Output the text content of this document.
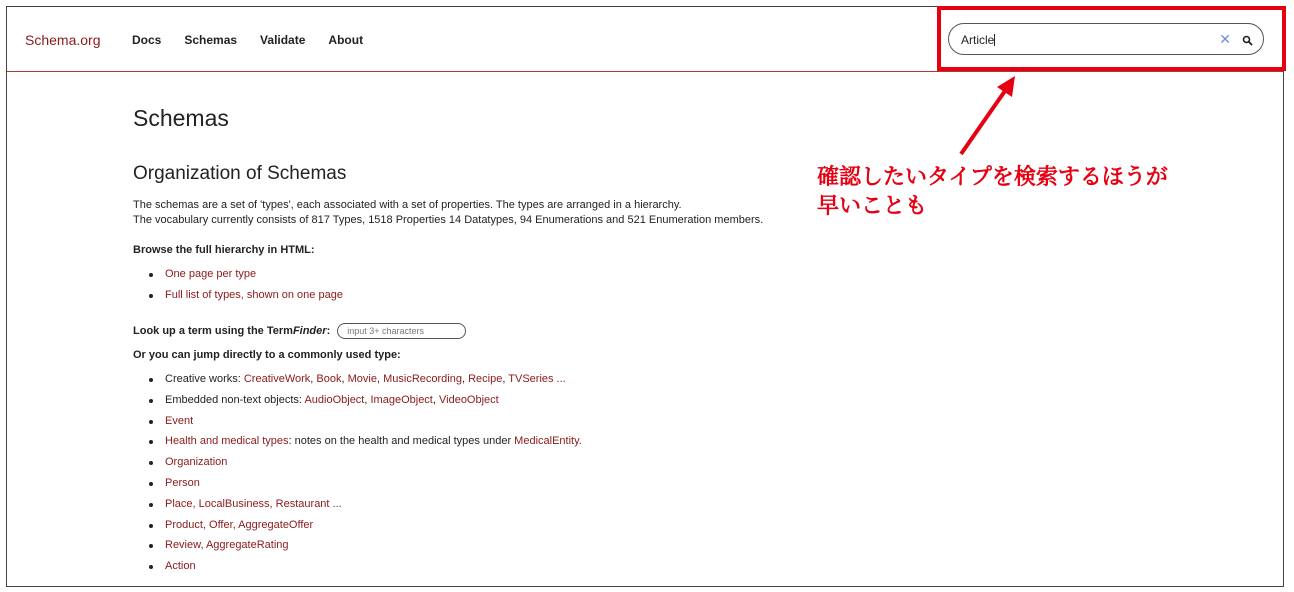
Schema.org	Docs Schemas Validate About	Article	✕
Schemas
Organization of Schemas

The schemas are a set of 'types', each associated with a set of properties. The types are arranged in a hierarchy.
The vocabulary currently consists of 817 Types, 1518 Properties 14 Datatypes, 94 Enumerations and 521 Enumeration members.

Browse the full hierarchy in HTML:

One page per type
Full list of types, shown on one page
Look up a term using the TermFinder:	input 3+ characters

Or you can jump directly to a commonly used type:

Creative works: CreativeWork, Book, Movie, MusicRecording, Recipe, TVSeries ...
Embedded non-text objects: AudioObject, ImageObject, VideoObject
Event
Health and medical types: notes on the health and medical types under MedicalEntity.
Organization
Person
Place, LocalBusiness, Restaurant ...
Product, Offer, AggregateOffer
Review, AggregateRating
Action
確認したいタイプを検索するほうが
早いことも
